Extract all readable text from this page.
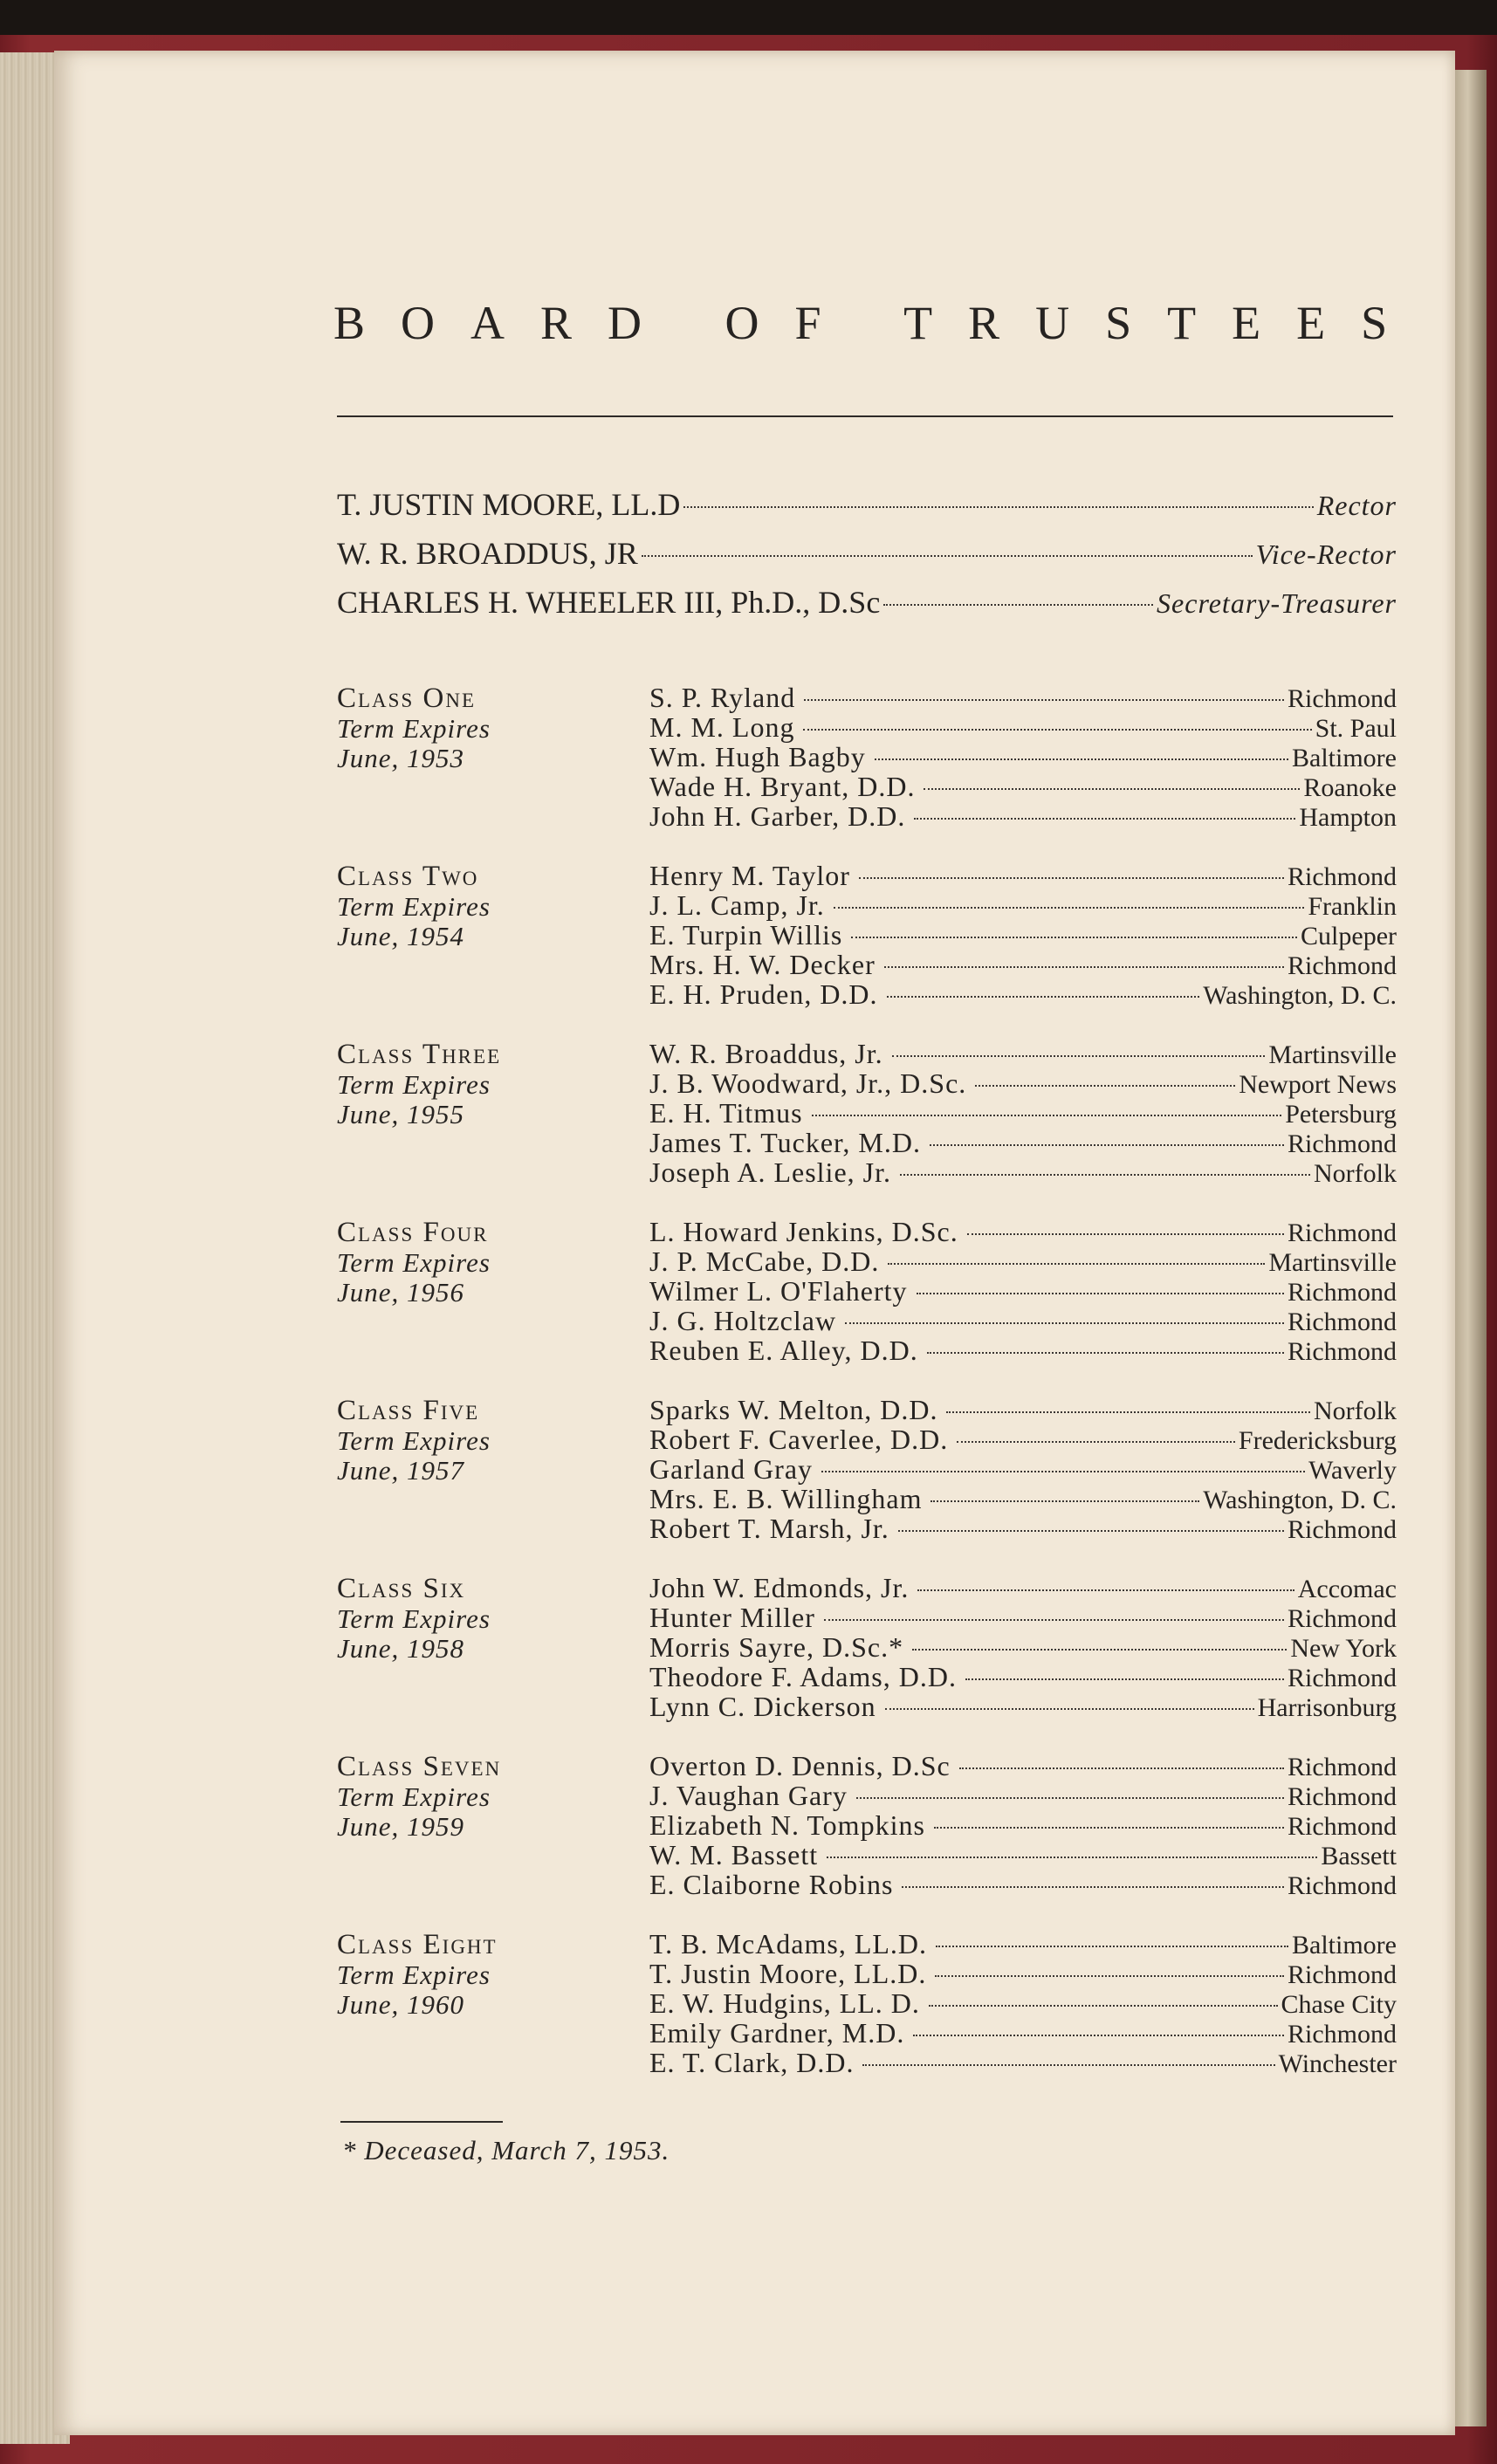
BOARD OF TRUSTEES
T. JUSTIN MOORE, LL.D	Rector
W. R. BROADDUS, JR	Vice-Rector
CHARLES H. WHEELER III, Ph.D., D.Sc	Secretary-Treasurer
Class One
Term Expires
June, 1953
S. P. Ryland	Richmond
M. M. Long	St. Paul
Wm. Hugh Bagby	Baltimore
Wade H. Bryant, D.D.	Roanoke
John H. Garber, D.D.	Hampton
Class Two
Term Expires
June, 1954
Henry M. Taylor	Richmond
J. L. Camp, Jr.	Franklin
E. Turpin Willis	Culpeper
Mrs. H. W. Decker	Richmond
E. H. Pruden, D.D.	Washington, D. C.
Class Three
Term Expires
June, 1955
W. R. Broaddus, Jr.	Martinsville
J. B. Woodward, Jr., D.Sc.	Newport News
E. H. Titmus	Petersburg
James T. Tucker, M.D.	Richmond
Joseph A. Leslie, Jr.	Norfolk
Class Four
Term Expires
June, 1956
L. Howard Jenkins, D.Sc.	Richmond
J. P. McCabe, D.D.	Martinsville
Wilmer L. O'Flaherty	Richmond
J. G. Holtzclaw	Richmond
Reuben E. Alley, D.D.	Richmond
Class Five
Term Expires
June, 1957
Sparks W. Melton, D.D.	Norfolk
Robert F. Caverlee, D.D.	Fredericksburg
Garland Gray	Waverly
Mrs. E. B. Willingham	Washington, D. C.
Robert T. Marsh, Jr.	Richmond
Class Six
Term Expires
June, 1958
John W. Edmonds, Jr.	Accomac
Hunter Miller	Richmond
Morris Sayre, D.Sc.*	New York
Theodore F. Adams, D.D.	Richmond
Lynn C. Dickerson	Harrisonburg
Class Seven
Term Expires
June, 1959
Overton D. Dennis, D.Sc	Richmond
J. Vaughan Gary	Richmond
Elizabeth N. Tompkins	Richmond
W. M. Bassett	Bassett
E. Claiborne Robins	Richmond
Class Eight
Term Expires
June, 1960
T. B. McAdams, LL.D.	Baltimore
T. Justin Moore, LL.D.	Richmond
E. W. Hudgins, LL. D.	Chase City
Emily Gardner, M.D.	Richmond
E. T. Clark, D.D.	Winchester
* Deceased, March 7, 1953.
